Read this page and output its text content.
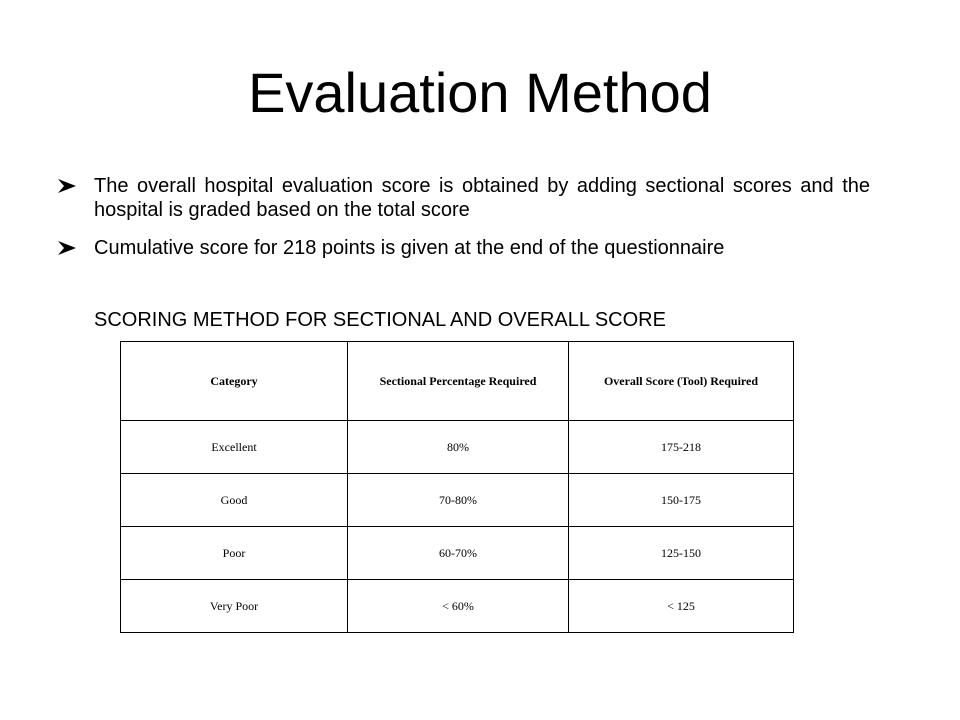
Evaluation Method
The overall hospital evaluation score is obtained by adding sectional scores and the hospital is graded based on the total score
Cumulative score for 218 points is given at the end of the questionnaire
SCORING METHOD FOR SECTIONAL AND OVERALL SCORE
Category	Sectional Percentage Required	Overall Score (Tool) Required
Excellent	80%	175-218
Good	70-80%	150-175
Poor	60-70%	125-150
Very Poor	< 60%	< 125
